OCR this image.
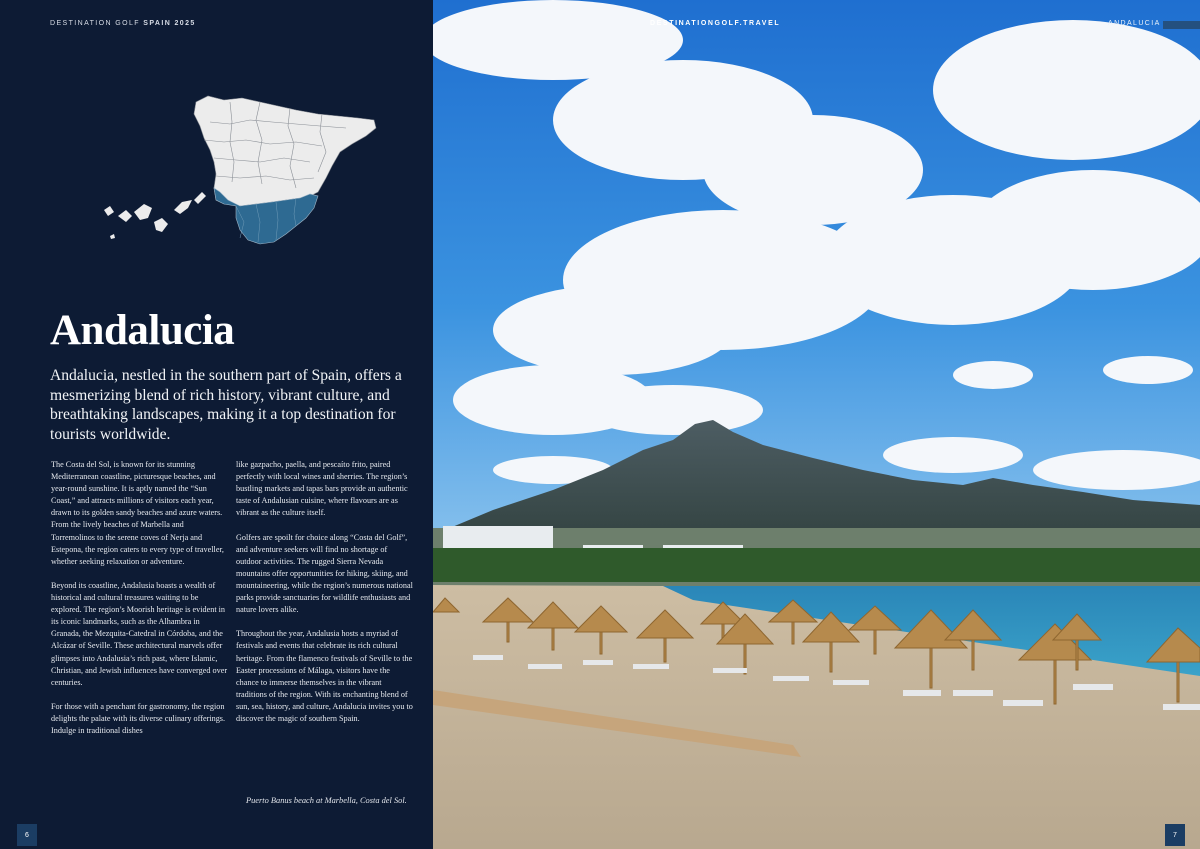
DESTINATION GOLF SPAIN 2025
Andalucia

Andalucia, nestled in the southern part of Spain, offers a mesmerizing blend of rich history, vibrant culture, and breathtaking landscapes, making it a top destination for tourists worldwide.

The Costa del Sol, is known for its stunning Mediterranean coastline, picturesque beaches, and year-round sunshine. It is aptly named the “Sun Coast,” and attracts millions of visitors each year, drawn to its golden sandy beaches and azure waters. From the lively beaches of Marbella and Torremolinos to the serene coves of Nerja and Estepona, the region caters to every type of traveller, whether seeking relaxation or adventure.

Beyond its coastline, Andalusia boasts a wealth of historical and cultural treasures waiting to be explored. The region’s Moorish heritage is evident in its iconic landmarks, such as the Alhambra in Granada, the Mezquita-Catedral in Córdoba, and the Alcázar of Seville. These architectural marvels offer glimpses into Andalusia’s rich past, where Islamic, Christian, and Jewish influences have converged over centuries.

For those with a penchant for gastronomy, the region delights the palate with its diverse culinary offerings. Indulge in traditional dishes

like gazpacho, paella, and pescaíto frito, paired perfectly with local wines and sherries. The region’s bustling markets and tapas bars provide an authentic taste of Andalusian cuisine, where flavours are as vibrant as the culture itself.

Golfers are spoilt for choice along “Costa del Golf”, and adventure seekers will find no shortage of outdoor activities. The rugged Sierra Nevada mountains offer opportunities for hiking, skiing, and mountaineering, while the region’s numerous national parks provide sanctuaries for wildlife enthusiasts and nature lovers alike.

Throughout the year, Andalusia hosts a myriad of festivals and events that celebrate its rich cultural heritage. From the flamenco festivals of Seville to the Easter processions of Málaga, visitors have the chance to immerse themselves in the vibrant traditions of the region. With its enchanting blend of sun, sea, history, and culture, Andalucia invites you to discover the magic of southern Spain.

Puerto Banus beach at Marbella, Costa del Sol.
6
DESTINATIONGOLF.TRAVEL	ANDALUCIA
7
